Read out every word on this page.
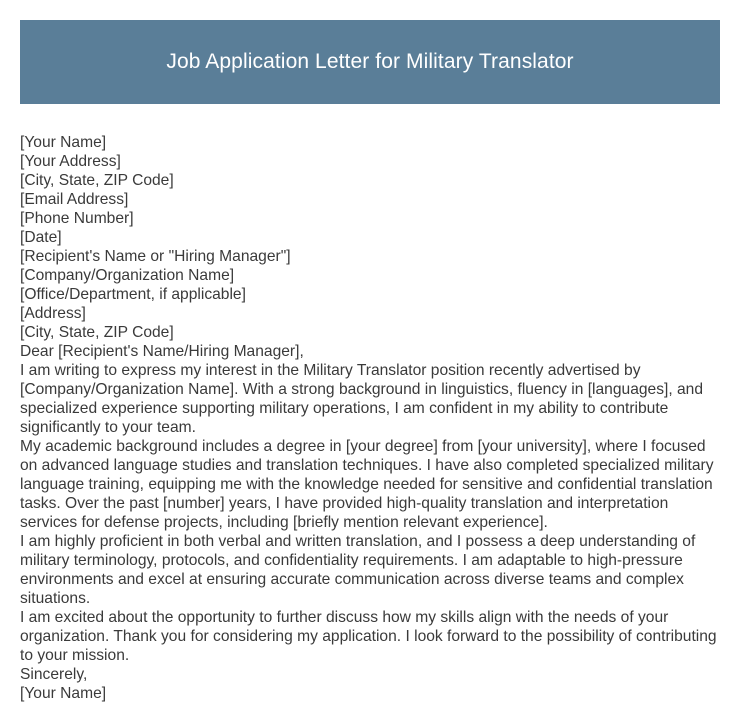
Job Application Letter for Military Translator
[Your Name]
[Your Address]
[City, State, ZIP Code]
[Email Address]
[Phone Number]
[Date]
[Recipient's Name or "Hiring Manager"]
[Company/Organization Name]
[Office/Department, if applicable]
[Address]
[City, State, ZIP Code]
Dear [Recipient's Name/Hiring Manager],
I am writing to express my interest in the Military Translator position recently advertised by [Company/Organization Name]. With a strong background in linguistics, fluency in [languages], and specialized experience supporting military operations, I am confident in my ability to contribute significantly to your team.
My academic background includes a degree in [your degree] from [your university], where I focused on advanced language studies and translation techniques. I have also completed specialized military language training, equipping me with the knowledge needed for sensitive and confidential translation tasks. Over the past [number] years, I have provided high-quality translation and interpretation services for defense projects, including [briefly mention relevant experience].
I am highly proficient in both verbal and written translation, and I possess a deep understanding of military terminology, protocols, and confidentiality requirements. I am adaptable to high-pressure environments and excel at ensuring accurate communication across diverse teams and complex situations.
I am excited about the opportunity to further discuss how my skills align with the needs of your organization. Thank you for considering my application. I look forward to the possibility of contributing to your mission.
Sincerely,
[Your Name]
